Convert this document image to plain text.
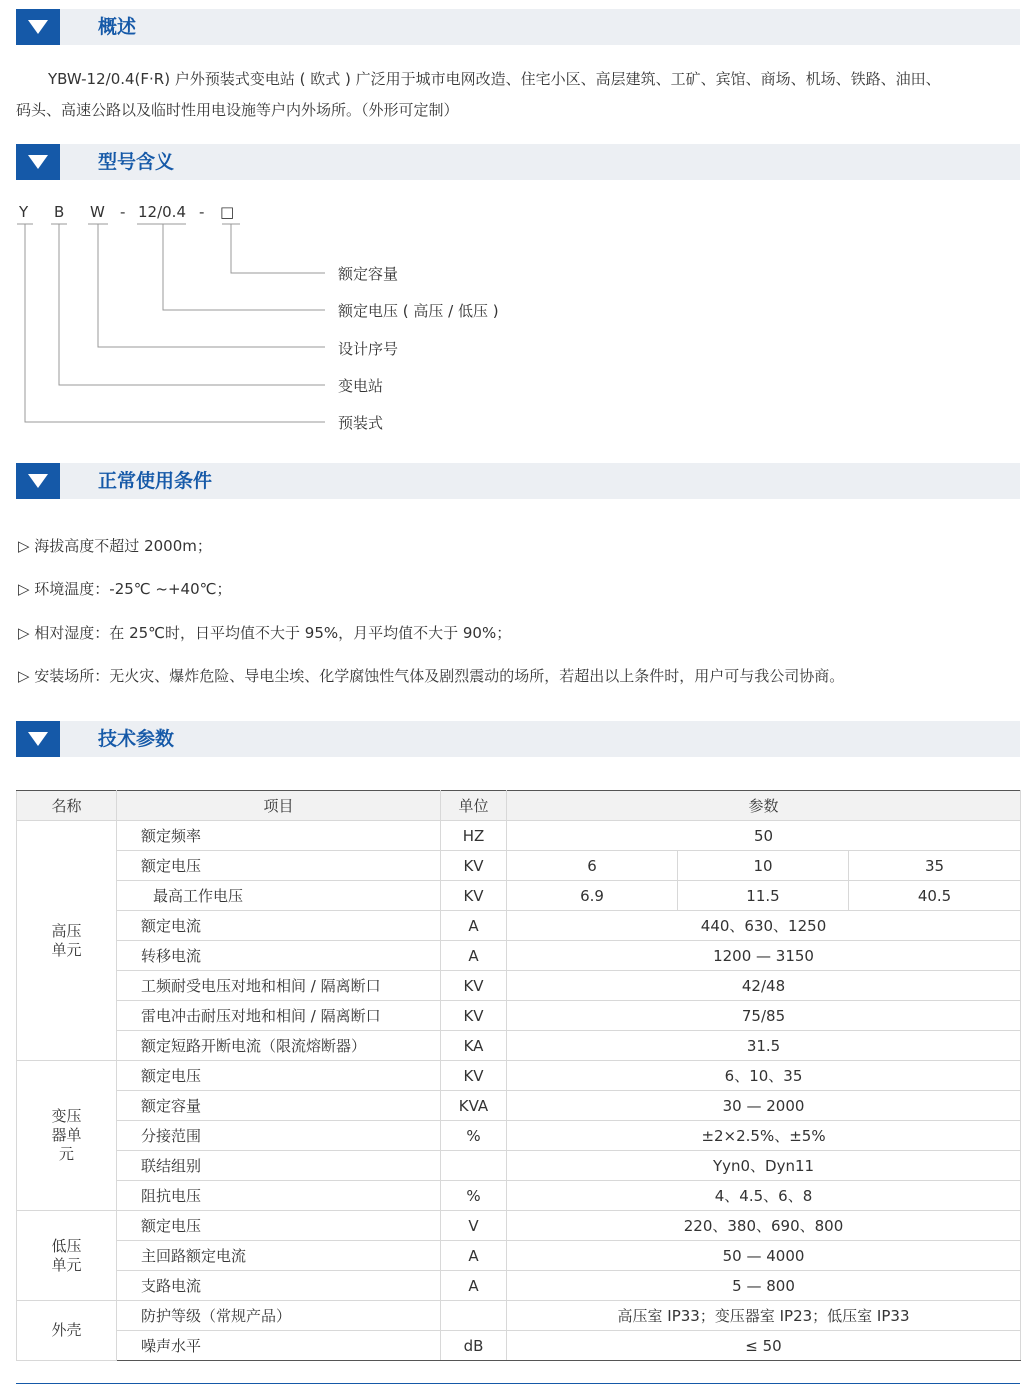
概述
YBW-12/0.4(F·R) 户外预装式变电站 ( 欧式 ) 广泛用于城市电网改造、住宅小区、高层建筑、工矿、宾馆、商场、机场、铁路、油田、
码头、高速公路以及临时性用电设施等户内外场所。（外形可定制）
型号含义
Y B W - 12/0.4 - □
额定容量
额定电压 ( 高压 / 低压 )
设计序号
变电站
预装式
正常使用条件
▷ 海拔高度不超过 2000m；
▷ 环境温度：-25℃ ~+40℃；
▷ 相对湿度：在 25℃时，日平均值不大于 95%，月平均值不大于 90%；
▷ 安装场所：无火灾、爆炸危险、导电尘埃、化学腐蚀性气体及剧烈震动的场所，若超出以上条件时，用户可与我公司协商。
技术参数
名称	项目	单位	参数		
高压
单元	额定频率	HZ	50		
	额定电压	KV	6	10	35
	最高工作电压	KV	6.9	11.5	40.5
	额定电流	A	440、630、1250		
	转移电流	A	1200 — 3150		
	工频耐受电压对地和相间 / 隔离断口	KV	42/48		
	雷电冲击耐压对地和相间 / 隔离断口	KV	75/85		
	额定短路开断电流（限流熔断器）	KA	31.5		
变压
器单
元	额定电压	KV	6、10、35		
	额定容量	KVA	30 — 2000		
	分接范围	%	±2×2.5%、±5%		
	联结组别		Yyn0、Dyn11		
	阻抗电压	%	4、4.5、6、8		
低压
单元	额定电压	V	220、380、690、800		
	主回路额定电流	A	50 — 4000		
	支路电流	A	5 — 800		
外壳	防护等级（常规产品）		高压室 IP33；变压器室 IP23；低压室 IP33		
	噪声水平	dB	≤ 50		
